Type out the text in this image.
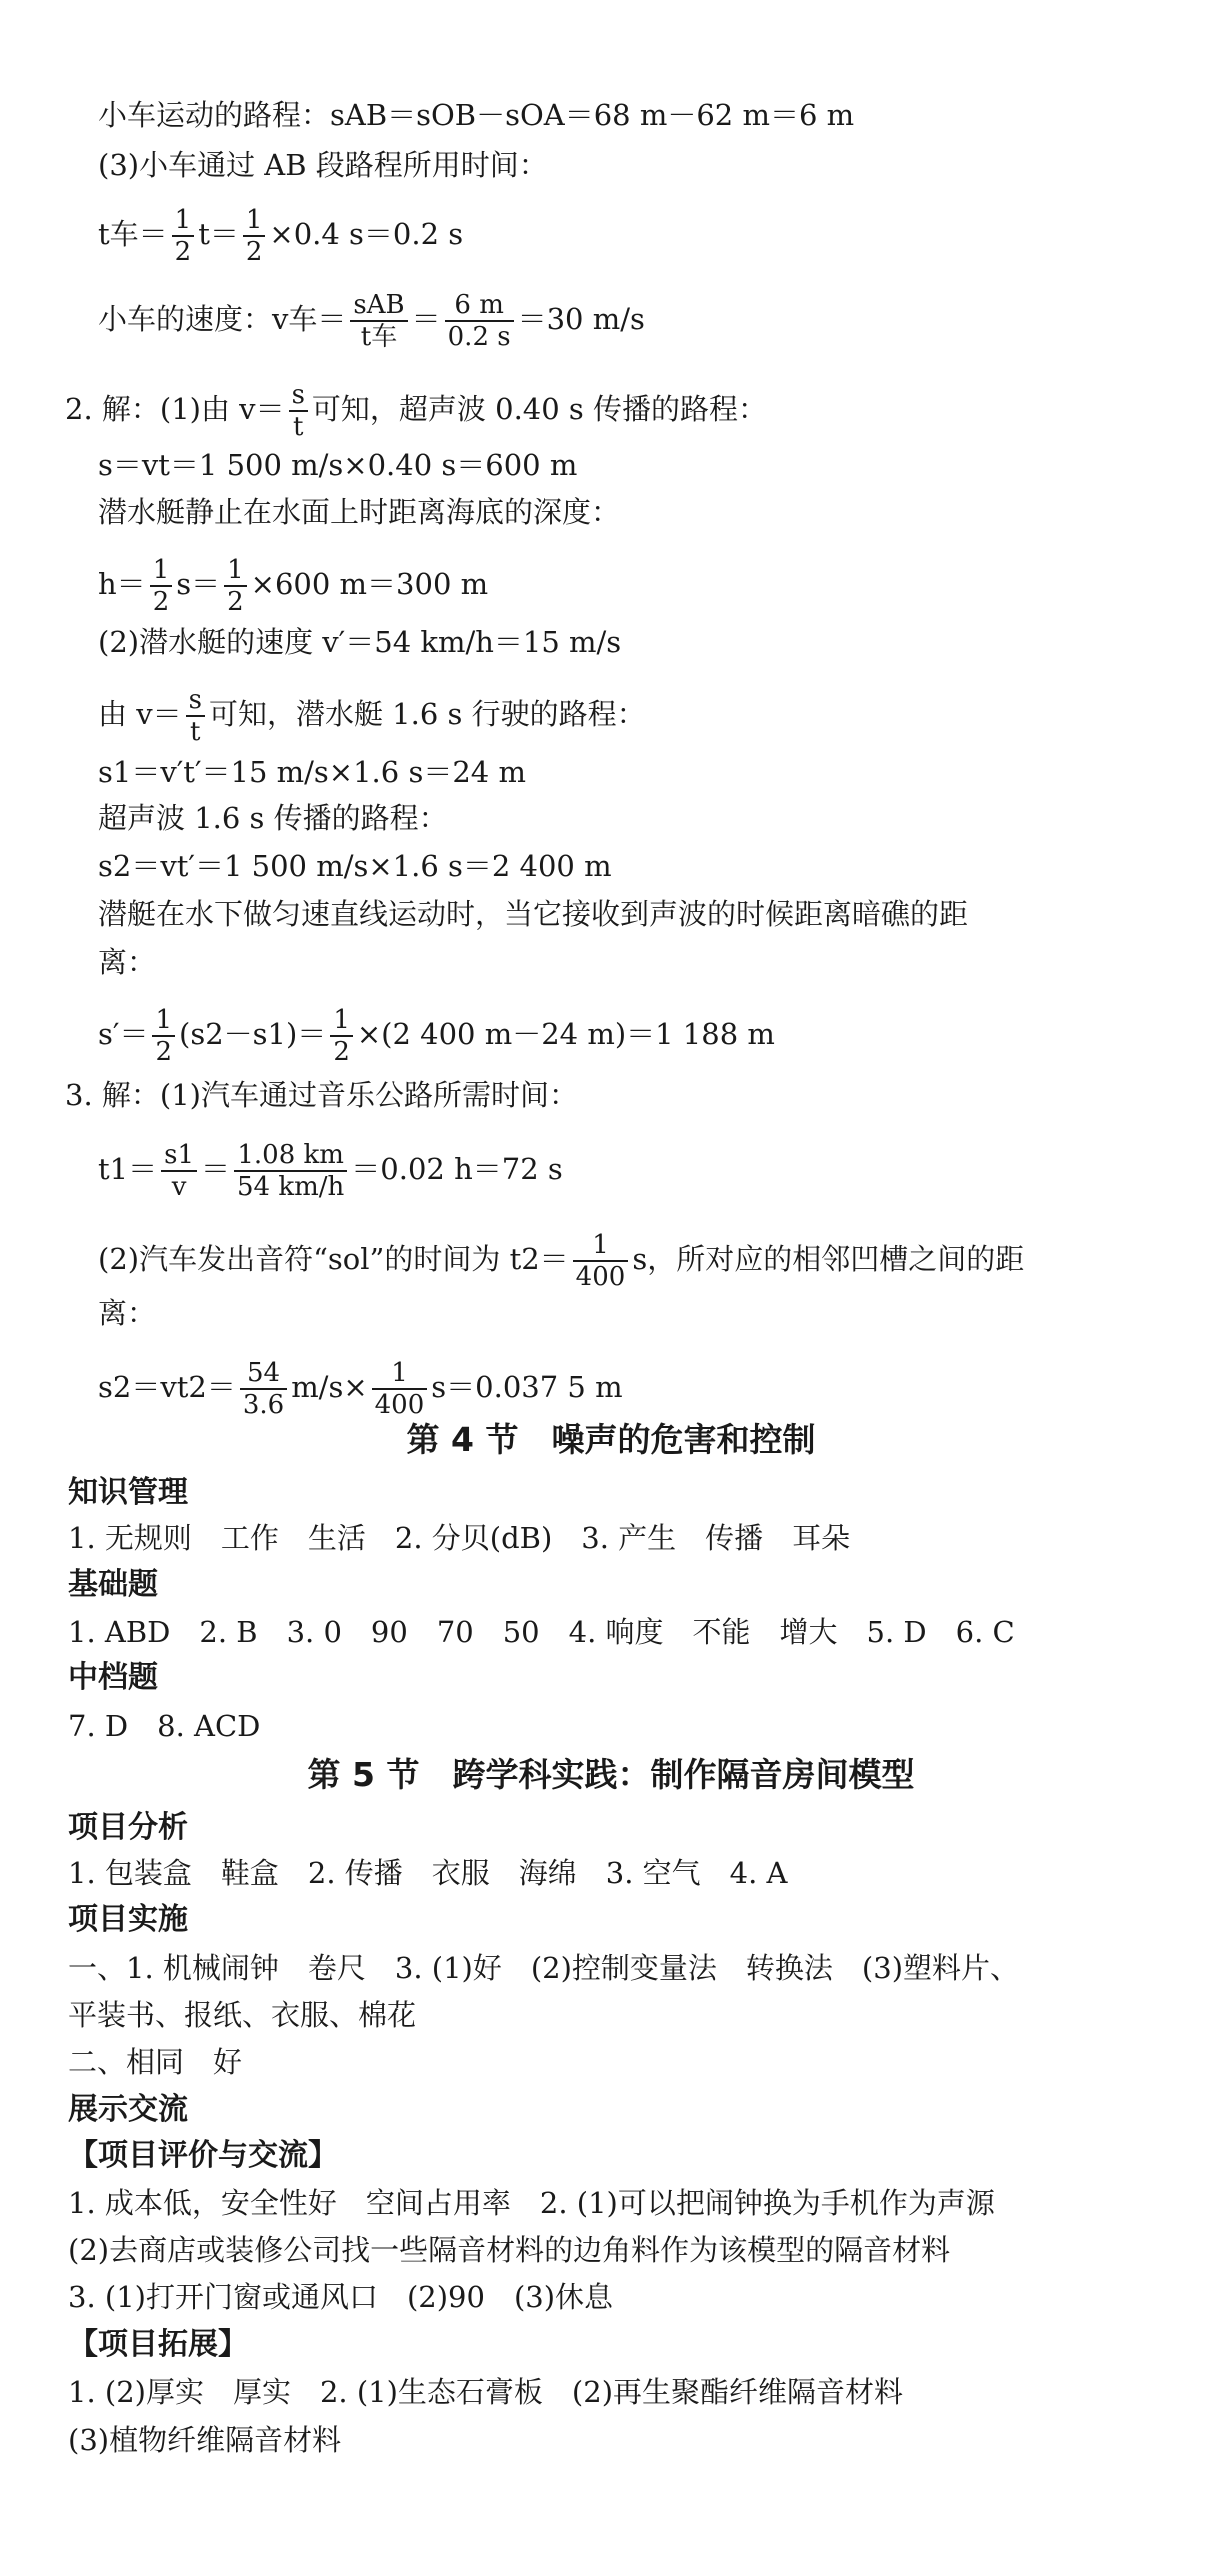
小车运动的路程：sAB＝sOB－sOA＝68 m－62 m＝6 m
(3)小车通过 AB 段路程所用时间：
t车＝ $\frac{1}{2} t= \frac{1}{2} \times 0.4$ s＝0.2 s
小车的速度：v车＝ $\frac{\text{sAB}}{\text{t车}} = \frac{6 m}{0.2 s} =30$ m/s
2. 解：(1)由 $v= \frac{s}{t}$ 可知，超声波 0.40 s 传播的路程：
s＝vt＝1 500 m/s×0.40 s＝600 m
潜水艇静止在水面上时距离海底的深度：
$h= \frac{1}{2} s= \frac{1}{2} \times 600$ m＝300 m
(2)潜水艇的速度 v′＝54 km/h＝15 m/s
由 $v= \frac{s}{t}$ 可知，潜水艇 1.6 s 行驶的路程：
s1＝v′t′＝15 m/s×1.6 s＝24 m
超声波 1.6 s 传播的路程：
s2＝vt′＝1 500 m/s×1.6 s＝2 400 m
潜艇在水下做匀速直线运动时，当它接收到声波的时候距离暗礁的距
离：
$s'= \frac{1}{2} (s2-s1)= \frac{1}{2} \times(2$ 400 m－24 m)＝1 188 m
3. 解：(1)汽车通过音乐公路所需时间：
$t1= \frac{s1}{v} = \frac{1.08 km}{54 km/h} =0.02$ h＝72 s
(2)汽车发出音符“sol”的时间为 $t2= \frac{1}{400}$ s，所对应的相邻凹槽之间的距
离：
$s2=vt2= \frac{54}{3.6} m/s\times \frac{1}{400} s=0.037$ 5 m
第 4 节　噪声的危害和控制
知识管理
1. 无规则　工作　生活　2. 分贝(dB)　3. 产生　传播　耳朵
基础题
1. ABD　2. B　3. 0　90　70　50　4. 响度　不能　增大　5. D　6. C
中档题
7. D　8. ACD
第 5 节　跨学科实践：制作隔音房间模型
项目分析
1. 包装盒　鞋盒　2. 传播　衣服　海绵　3. 空气　4. A
项目实施
一、1. 机械闹钟　卷尺　3. (1)好　(2)控制变量法　转换法　(3)塑料片、
平装书、报纸、衣服、棉花
二、相同　好
展示交流
【项目评价与交流】
1. 成本低，安全性好　空间占用率　2. (1)可以把闹钟换为手机作为声源
(2)去商店或装修公司找一些隔音材料的边角料作为该模型的隔音材料
3. (1)打开门窗或通风口　(2)90　(3)休息
【项目拓展】
1. (2)厚实　厚实　2. (1)生态石膏板　(2)再生聚酯纤维隔音材料
(3)植物纤维隔音材料
